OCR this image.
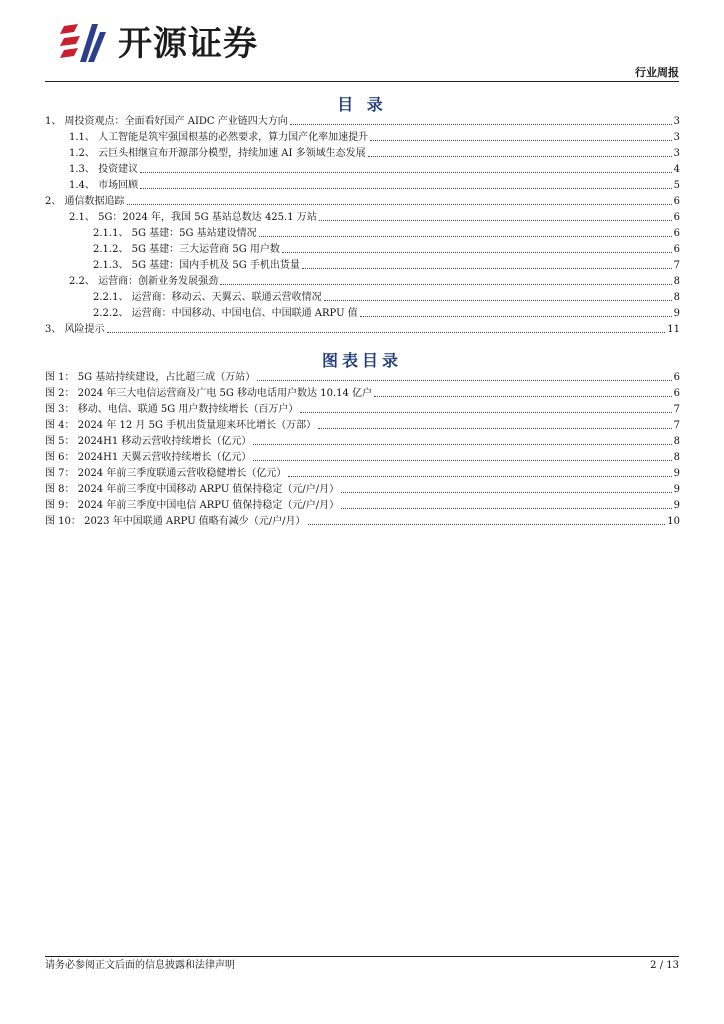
开源证券
行业周报
目 录
1、 周投资观点：全面看好国产 AIDC 产业链四大方向	3
1.1、 人工智能是筑牢强国根基的必然要求，算力国产化率加速提升	3
1.2、 云巨头相继宣布开源部分模型，持续加速 AI 多领域生态发展	3
1.3、 投资建议	4
1.4、 市场回顾	5
2、 通信数据追踪	6
2.1、 5G：2024 年，我国 5G 基站总数达 425.1 万站	6
2.1.1、 5G 基建：5G 基站建设情况	6
2.1.2、 5G 基建：三大运营商 5G 用户数	6
2.1.3、 5G 基建：国内手机及 5G 手机出货量	7
2.2、 运营商：创新业务发展强劲	8
2.2.1、 运营商：移动云、天翼云、联通云营收情况	8
2.2.2、 运营商：中国移动、中国电信、中国联通 ARPU 值	9
3、 风险提示	11
图表目录
图 1： 5G 基站持续建设，占比超三成（万站）	6
图 2： 2024 年三大电信运营商及广电 5G 移动电话用户数达 10.14 亿户	6
图 3： 移动、电信、联通 5G 用户数持续增长（百万户）	7
图 4： 2024 年 12 月 5G 手机出货量迎来环比增长（万部）	7
图 5： 2024H1 移动云营收持续增长（亿元）	8
图 6： 2024H1 天翼云营收持续增长（亿元）	8
图 7： 2024 年前三季度联通云营收稳健增长（亿元）	9
图 8： 2024 年前三季度中国移动 ARPU 值保持稳定（元/户/月）	9
图 9： 2024 年前三季度中国电信 ARPU 值保持稳定（元/户/月）	9
图 10： 2023 年中国联通 ARPU 值略有减少（元/户/月）	10
请务必参阅正文后面的信息披露和法律声明	2 / 13
